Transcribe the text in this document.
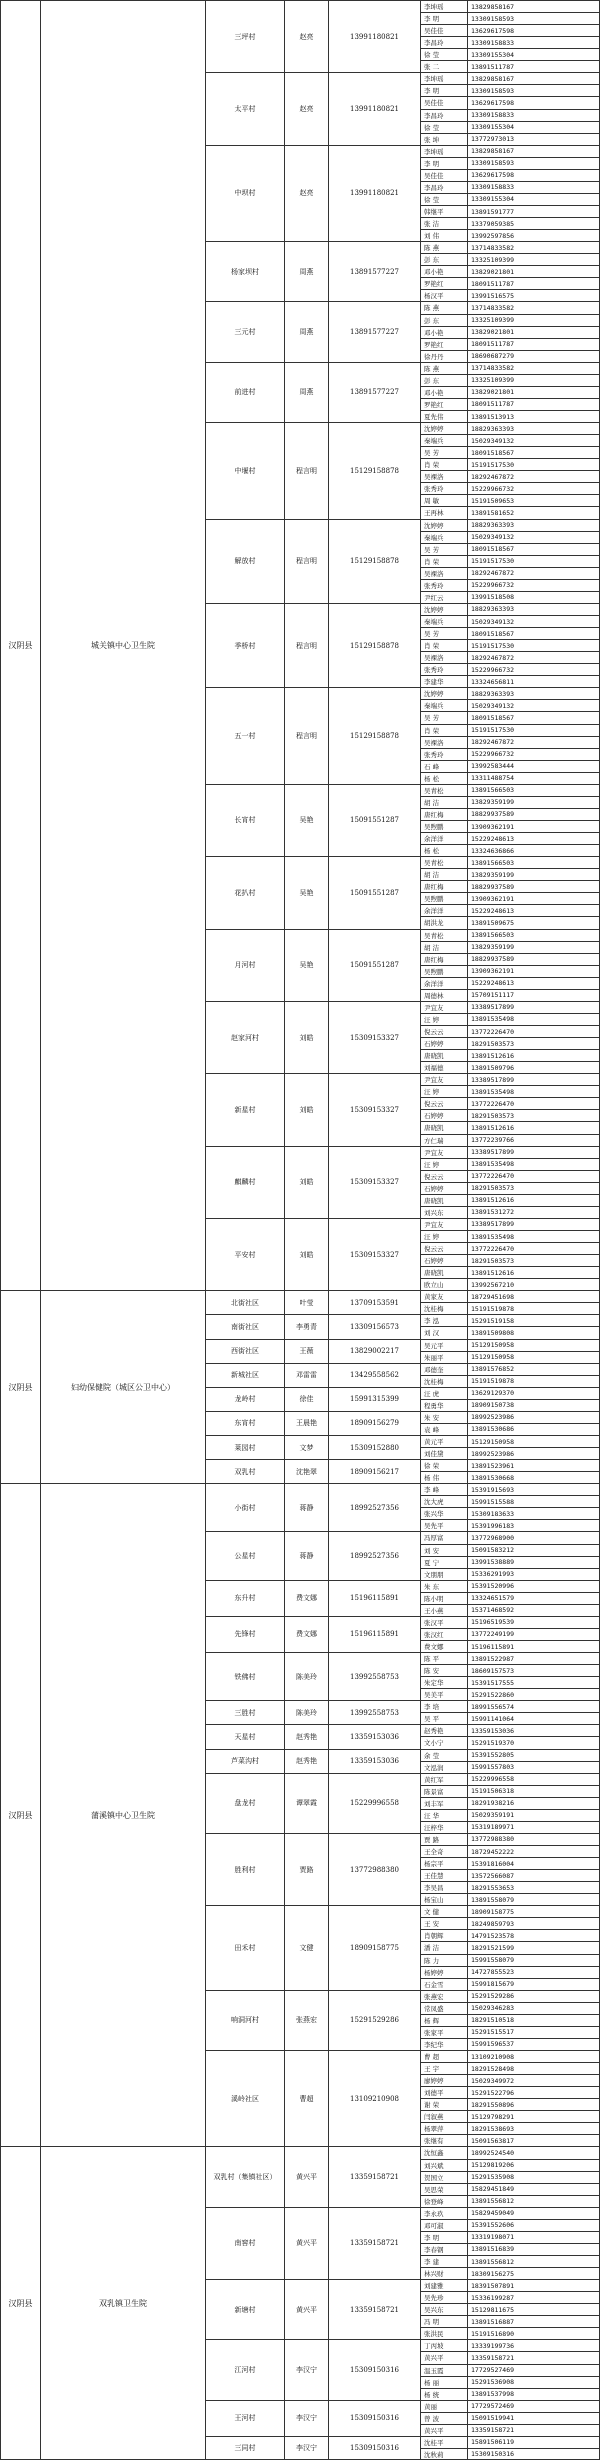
汉阴县	城关镇中心卫生院
三坪村	赵亮	13991180821
李坤瑶	13829858167
李 明	13309158593
吴佳佳	13629617598
李昌玲	13309158833
徐 莹	13309155304
张 二	13891511787
太平村	赵亮	13991180821
李坤瑶	13829858167
李 明	13309158593
吴佳佳	13629617598
李昌玲	13309158833
徐 莹	13309155304
张 坤	13772973013
中坝村	赵亮	13991180821
李坤瑶	13829858167
李 明	13309158593
吴佳佳	13629617598
李昌玲	13309158833
徐 莹	13309155304
韩继平	13891591777
张 洁	13379059385
刘 伟	13992597856
杨家坝村	周燕	13891577227
陈 燕	13714833582
彭 东	13325109399
邓小艳	13829021801
罗艳红	18091511787
杨汉平	13991516575
三元村	周燕	13891577227
陈 燕	13714833582
彭 东	13325109399
邓小艳	13829021801
罗艳红	18091511787
徐丹丹	18690687279
前进村	周燕	13891577227
陈 燕	13714833582
彭 东	13325109399
邓小艳	13829021801
罗艳红	18091511787
夏先伟	13891513913
中堰村	程言明	15129158878
沈婷婷	18829363393
秦端兵	15029349132
吴 芳	18091518567
肖 荣	15191517530
吴裸洛	18292467872
张秀玲	15229966732
周 敏	15191509653
王再林	13891581652
解放村	程言明	15129158878
沈婷婷	18829363393
秦端兵	15029349132
吴 芳	18091518567
肖 荣	15191517530
吴裸洛	18292467872
张秀玲	15229966732
尹红云	13991518508
季桥村	程言明	15129158878
沈婷婷	18829363393
秦端兵	15029349132
吴 芳	18091518567
肖 荣	15191517530
吴裸洛	18292467872
张秀玲	15229966732
李建华	13324656811
五一村	程言明	15129158878
沈婷婷	18829363393
秦端兵	15029349132
吴 芳	18091518567
肖 荣	15191517530
吴裸洛	18292467872
张秀玲	15229966732
石 峰	13992583444
杨 松	13311488754
长宵村	吴艳	15091551287
吴青松	13891566503
胡 洁	13829359199
唐红梅	18829937589
吴煦鹏	13909362191
余洋洋	15229248613
杨 松	13324636866
花扒村	吴艳	15091551287
吴青松	13891566503
胡 洁	13829359199
唐红梅	18829937589
吴煦鹏	13909362191
余洋洋	15229248613
胡洪龙	13891509675
月河村	吴艳	15091551287
吴青松	13891566503
胡 洁	13829359199
唐红梅	18829937589
吴煦鹏	13909362191
余洋洋	15229248613
周德林	15709151117
赵家河村	刘皓	15309153327
尹宜友	13389517899
汪 婷	13891535498
倪云云	13772226470
石婷婷	18291503573
唐晓凯	13891512616
刘福德	13891509796
新星村	刘皓	15309153327
尹宜友	13389517899
汪 婷	13891535498
倪云云	13772226470
石婷婷	18291503573
唐晓凯	13891512616
方仁瑞	13772239766
麒麟村	刘皓	15309153327
尹宜友	13389517899
汪 婷	13891535498
倪云云	13772226470
石婷婷	18291503573
唐晓凯	13891512616
刘兴东	13891531272
平安村	刘皓	15309153327
尹宜友	13389517899
汪 婷	13891535498
倪云云	13772226470
石婷婷	18291503573
唐晓凯	13891512616
欧立山	13992567210
汉阴县	妇幼保健院（城区公卫中心）
北街社区	叶莹	13709153591
黄家友	18729451698
沈桂梅	15191519878
南街社区	李勇青	13309156573
李 泓	15291519158
刘 汉	13891509808
西街社区	王薇	13829002217
吴元平	15129150958
朱丽平	15129150958
新城社区	邓雷雷	13429558562
邓德奎	13891576852
沈桂梅	15191519878
龙岭村	徐佳	15991315399
汪 虎	13629129370
程勇华	18909150738
东宵村	王晨艳	18909156279
朱 安	18992523986
袁 峰	13891530686
莱园村	文梦	15309152880
黄元平	15129150958
刘佳黛	18992523986
双乳村	沈艳翠	18909156217
徐 荣	13891523961
杨 伟	13891530668
汉阴县	蒲溪镇中心卫生院
小街村	蒋静	18992527356
李 峰	15391915693
沈大虎	15991515588
张兴华	15309183633
吴先平	15391996183
公星村	蒋静	18992527356
冯厚富	13772968900
刘 安	15091583212
夏 宁	13991538889
文朋朋	15336291993
东升村	费文娜	15196115891
朱 东	15391520996
陈小明	13324651579
王小燕	15371468592
先锋村	费文娜	15196115891
张汉平	15196519539
张汉红	13772249199
费文娜	15196115891
铁佛村	陈美玲	13992558753
陈 平	13891522987
陈 安	18609157573
朱定华	15391517555
吴美平	15291522860
三胜村	陈美玲	13992558753
李 培	18991556574
吴 平	15991141064
天星村	赵秀艳	13359153036
赵秀艳	13359153036
文小宁	15291519370
芦菜沟村	赵秀艳	13359153036
余 莹	15391552805
文泓润	15991557803
盘龙村	谭翠霞	15229996558
黄红军	15229996558
陈景富	15191506318
刘丰军	18291938216
汪 华	15029359191
汪梓华	15319189971
胜利村	贾路	13772988380
贾 路	13772988380
王全奇	18729452222
杨宗平	15391816004
王佳慧	13572566087
李吴昌	18291553653
杨宝山	13891558079
田禾村	文健	18909158775
文 健	18909158775
王 安	18249859793
肖朝辉	14791523578
潘 洁	18291521599
陈 力	15991558079
杨婷婷	14727855523
石金雪	15991815679
响洞河村	张燕宏	15291529286
张燕宏	15291529286
常凤盛	15029346283
杨 辉	18291510518
张家平	15291515517
李纪华	15991596537
溪岭社区	曹超	13109210908
曹 超	13109210908
王 宇	18291528498
廖婷婷	15029349972
刘德平	15291522796
谢 荣	18291550896
闫叙燕	15129798291
杨翠萍	18291538693
张继有	15091563817
汉阴县	双乳镇卫生院
双乳村（集镇社区）	黄兴平	13359158721
沈恒鑫	18992524540
刘兴斌	15129819206
贺国立	15291535908
吴思荣	15829451849
徐登峰	13891556812
南窖村	黄兴平	13359158721
李永玖	15829459049
邓可淑	15391552606
李 明	13319198071
李春钢	13891516839
李 建	13891556812
林兴财	18309156275
新塘村	黄兴平	13359158721
刘建雅	18391507891
吴先珍	15336199287
吴兴东	15129811675
冯 明	13891516887
张洪民	15191516890
江河村	李汉宁	15309150316
丁丙坡	13339199736
黄兴平	13359158721
温玉霞	17729527469
杨 丽	15291536908
杨 统	13891537998
王河村	李汉宁	15309150316
黄丽	17729572469
曾 波	15091519941
黄兴平	13359158721
三同村	李汉宁	15309150316
沈桂平	15891506119
沈秋莉	15309150316
